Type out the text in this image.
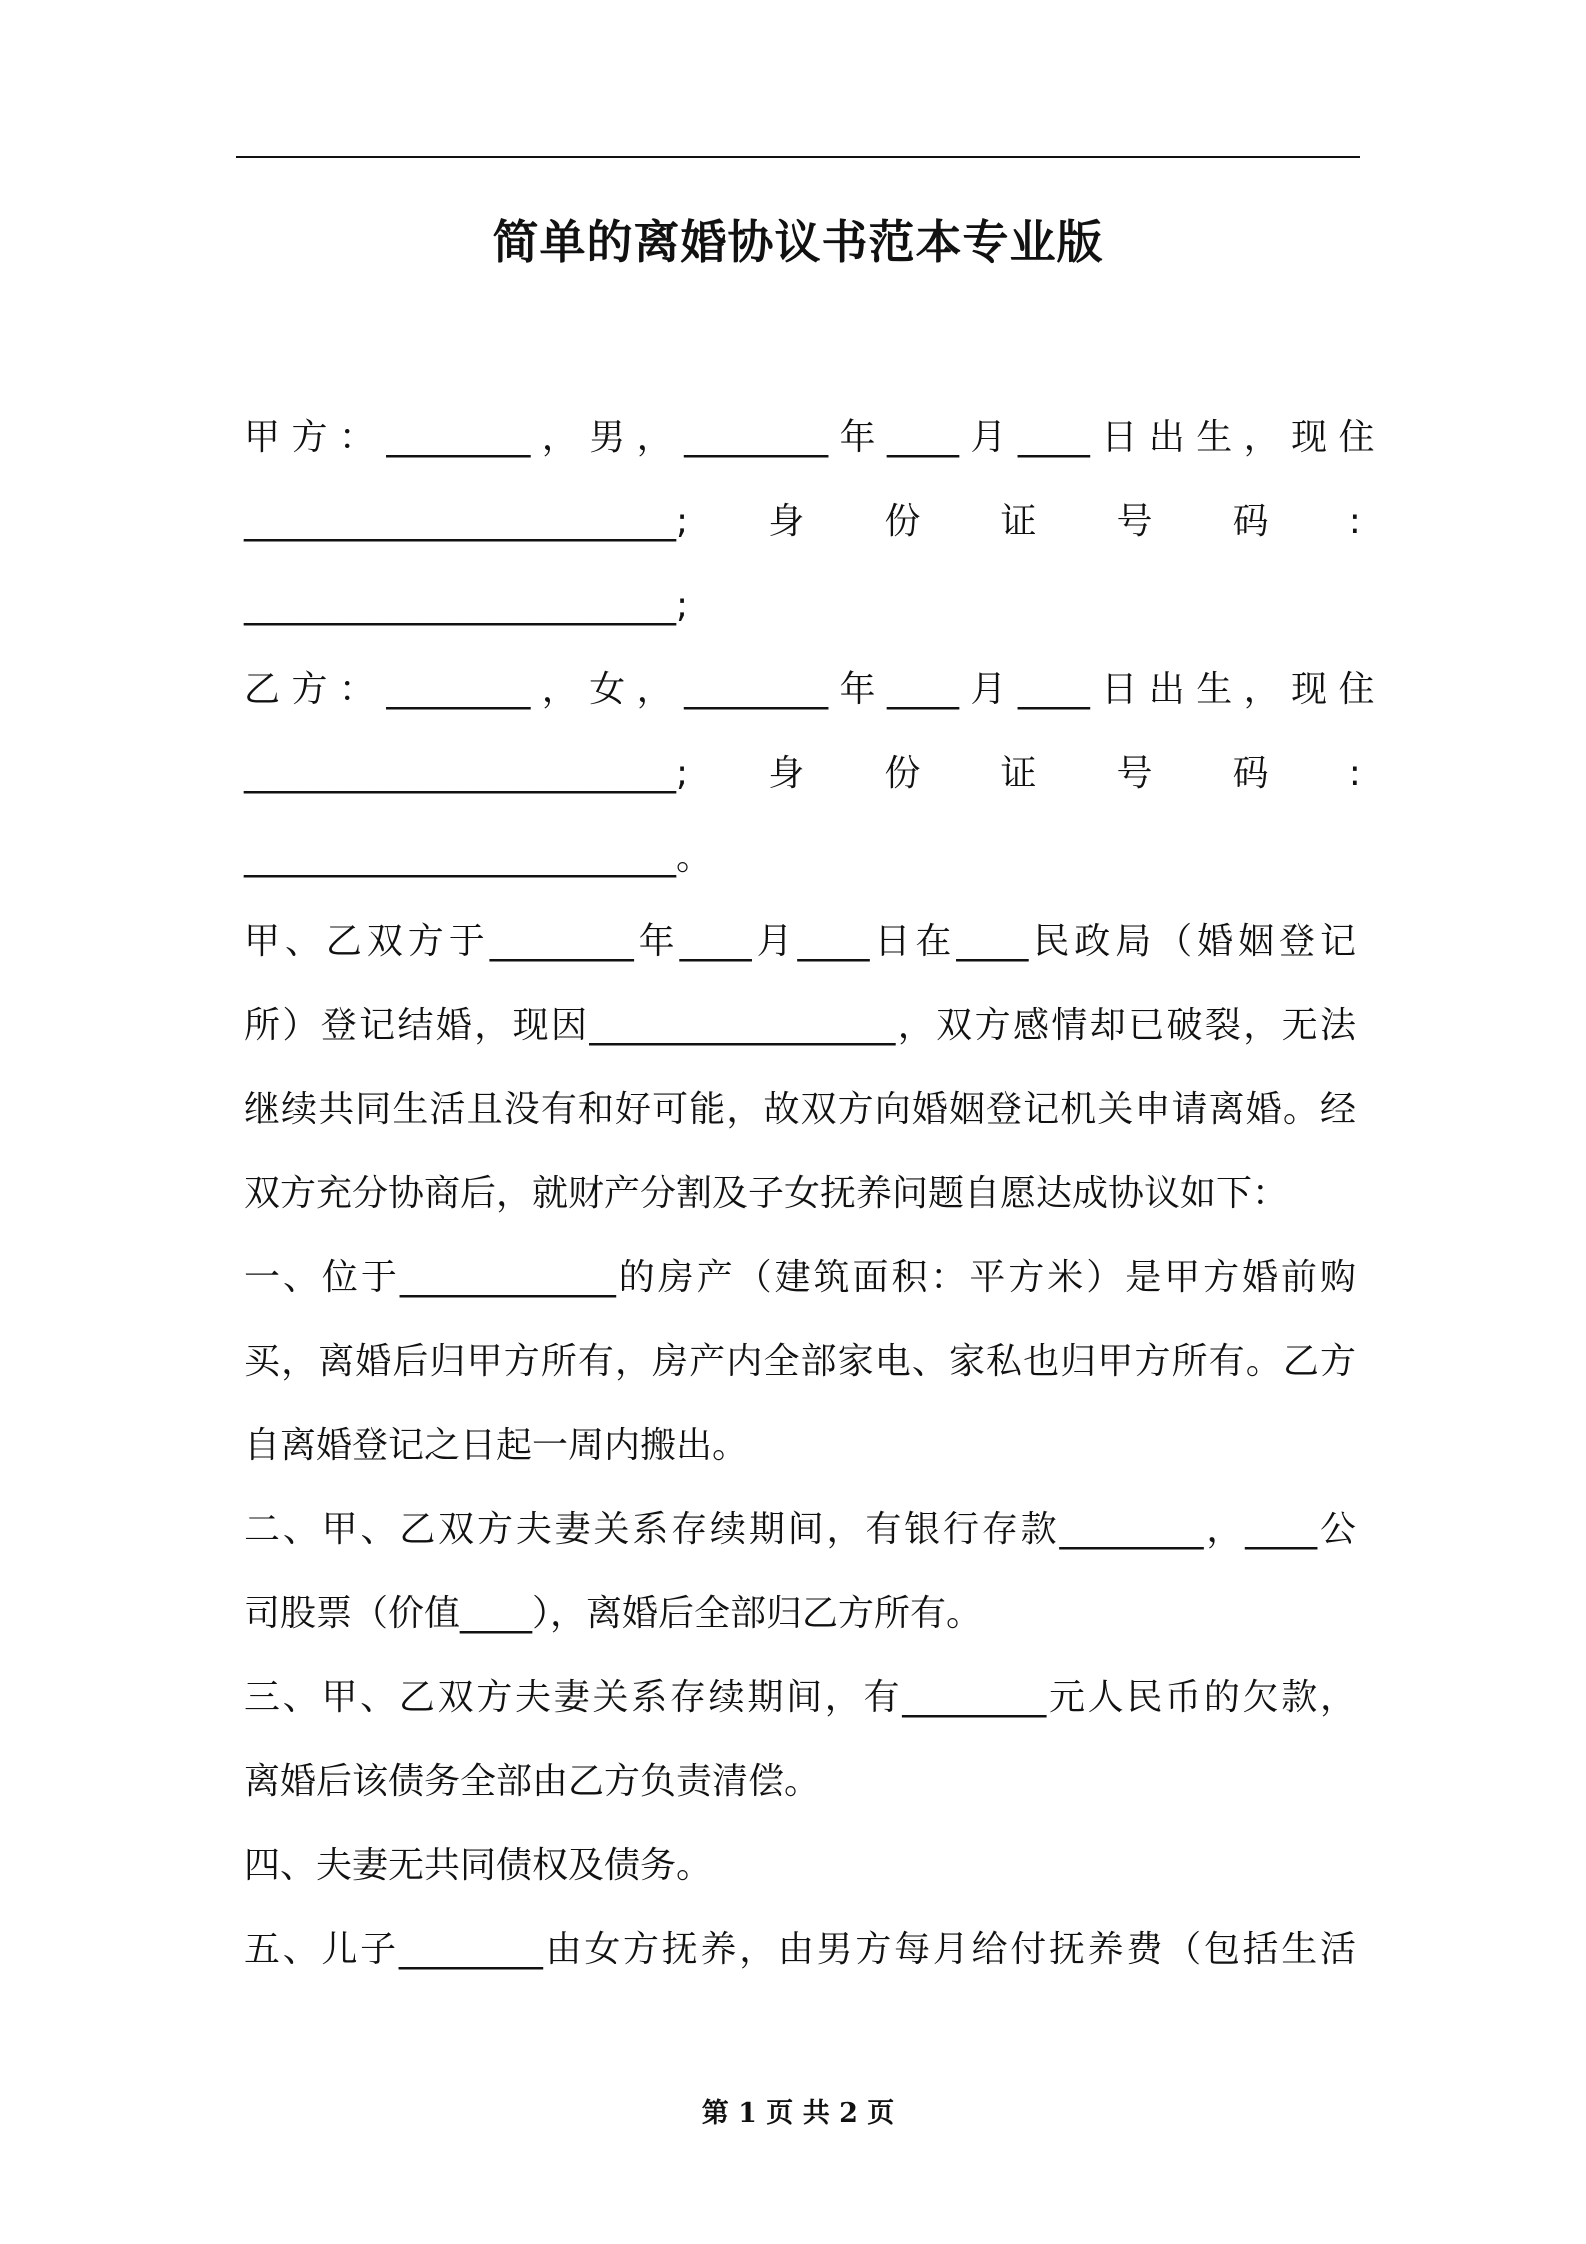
简单的离婚协议书范本专业版
甲 方 ： ________ ， 男 ， ________ 年 ____ 月 ____ 日 出 生 ， 现 住
________________________;       身       份       证       号       码       :
________________________;
乙 方 ： ________ ， 女 ， ________ 年 ____ 月 ____ 日 出 生 ， 现 住
________________________;       身       份       证       号       码       :
________________________。
甲、乙双方于________年____月____日在____民政局（婚姻登记
所）登记结婚，现因_________________，双方感情却已破裂，无法
继续共同生活且没有和好可能，故双方向婚姻登记机关申请离婚。经
双方充分协商后，就财产分割及子女抚养问题自愿达成协议如下：
一、位于____________的房产（建筑面积：平方米）是甲方婚前购
买，离婚后归甲方所有，房产内全部家电、家私也归甲方所有。乙方
自离婚登记之日起一周内搬出。
二、甲、乙双方夫妻关系存续期间，有银行存款________，____公
司股票（价值____），离婚后全部归乙方所有。
三、甲、乙双方夫妻关系存续期间，有________元人民币的欠款，
离婚后该债务全部由乙方负责清偿。
四、夫妻无共同债权及债务。
五、儿子________由女方抚养，由男方每月给付抚养费（包括生活
第 1 页 共 2 页
